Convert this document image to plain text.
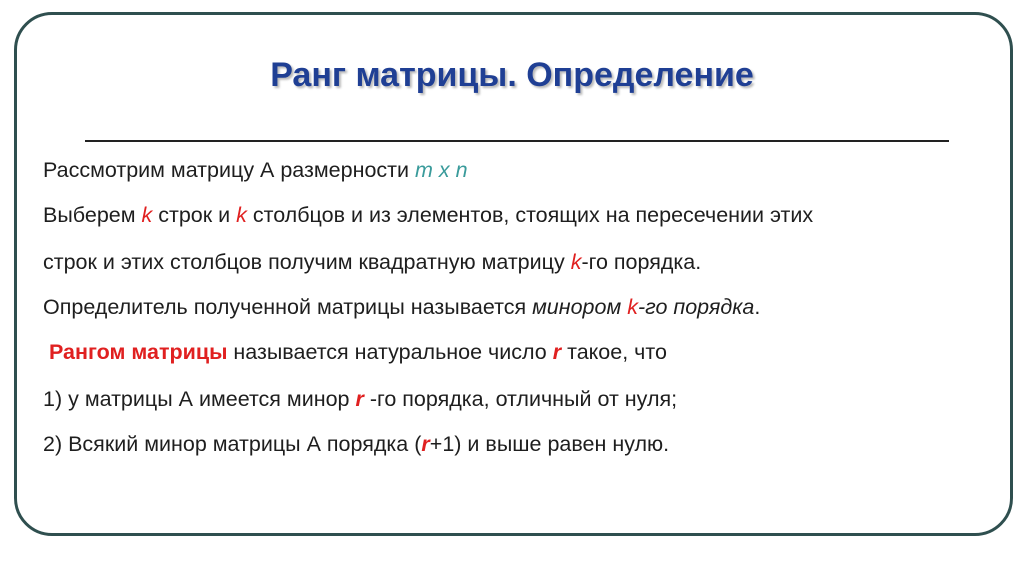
Ранг матрицы. Определение
Рассмотрим матрицу А размерности m x n
Выберем k строк и k столбцов и из элементов, стоящих на пересечении этих
строк и этих столбцов получим квадратную матрицу k-го порядка.
Определитель полученной матрицы называется минором k-го порядка.
Рангом матрицы называется натуральное число r такое, что
1) у матрицы А имеется минор r -го порядка, отличный от нуля;
2) Всякий минор матрицы А порядка (r+1) и выше равен нулю.
